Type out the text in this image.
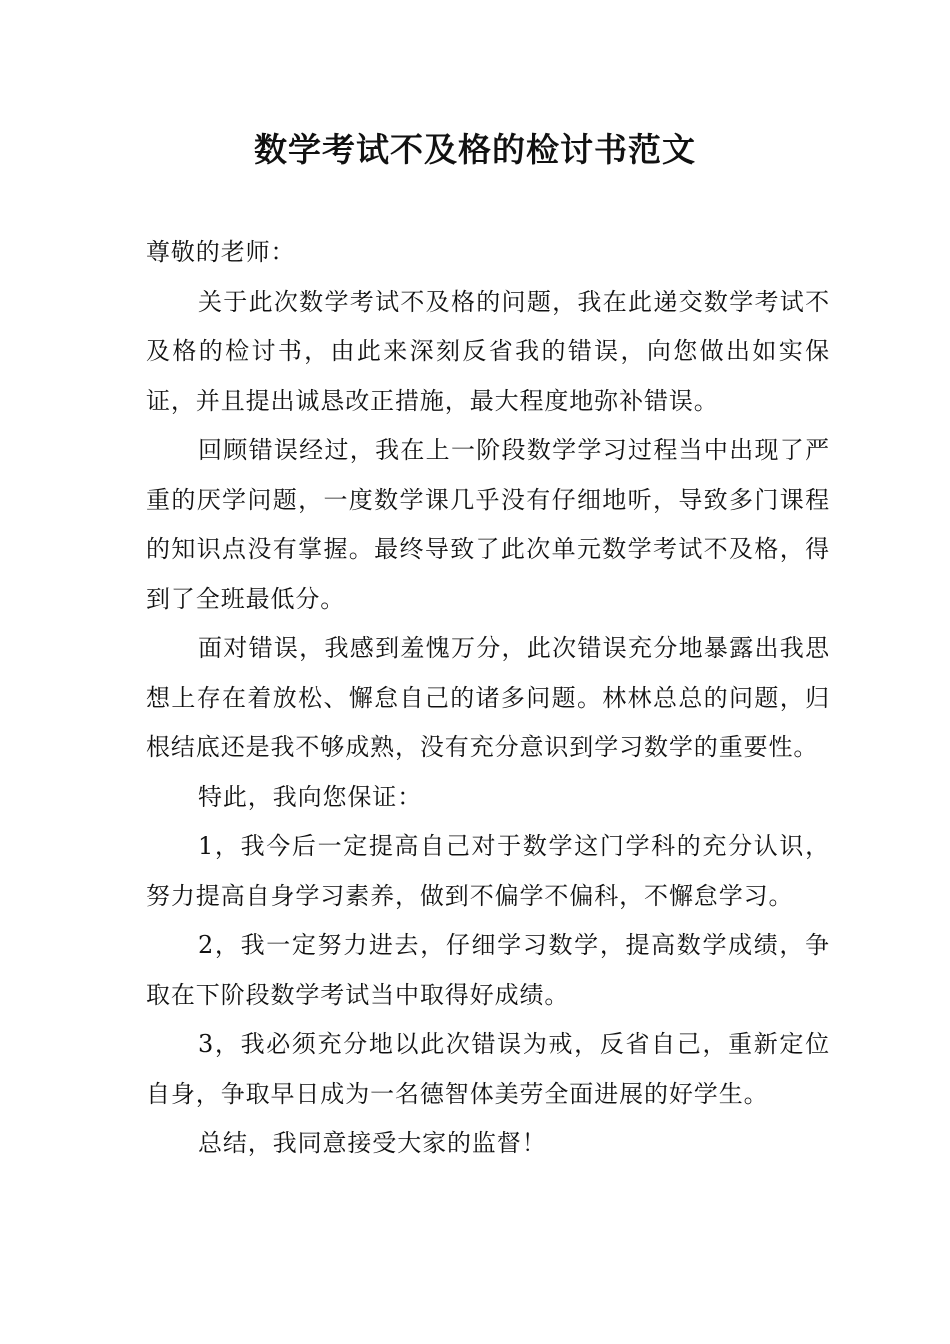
数学考试不及格的检讨书范文

尊敬的老师：

关于此次数学考试不及格的问题，我在此递交数学考试不及格的检讨书，由此来深刻反省我的错误，向您做出如实保证，并且提出诚恳改正措施，最大程度地弥补错误。

回顾错误经过，我在上一阶段数学学习过程当中出现了严重的厌学问题，一度数学课几乎没有仔细地听，导致多门课程的知识点没有掌握。最终导致了此次单元数学考试不及格，得到了全班最低分。

面对错误，我感到羞愧万分，此次错误充分地暴露出我思想上存在着放松、懈怠自己的诸多问题。林林总总的问题，归根结底还是我不够成熟，没有充分意识到学习数学的重要性。

特此，我向您保证：

1，我今后一定提高自己对于数学这门学科的充分认识，努力提高自身学习素养，做到不偏学不偏科，不懈怠学习。

2，我一定努力进去，仔细学习数学，提高数学成绩，争取在下阶段数学考试当中取得好成绩。

3，我必须充分地以此次错误为戒，反省自己，重新定位自身，争取早日成为一名德智体美劳全面进展的好学生。

总结，我同意接受大家的监督！
